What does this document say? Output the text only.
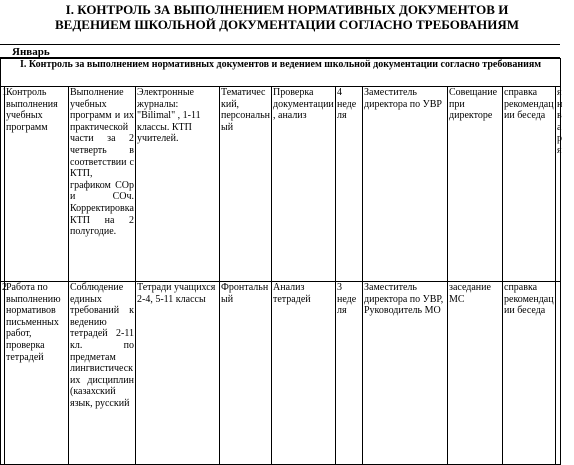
I. КОНТРОЛЬ ЗА ВЫПОЛНЕНИЕМ НОРМАТИВНЫХ ДОКУМЕНТОВ И
ВЕДЕНИЕМ ШКОЛЬНОЙ ДОКУМЕНТАЦИИ СОГЛАСНО ТРЕБОВАНИЯМ
Январь
I. Контроль за выполнением нормативных документов и ведением школьной документации согласно требованиям										
1	Контроль выполнения учебных программ	Выполнение учебных программ и их практической части за 2 четверть в соответствии с КТП, графиком СОр и СОч. Корректировка КТП на 2 полугодие.	Электронные журналы: "Bilimal" , 1-11 классы. КТП учителей.	Тематический, персональный	Проверка документации, анализ	4 неделя	Заместитель директора по УВР	Совещание при директоре	справка рекомендации беседа	января
2	Работа по выполнению нормативов письменных работ, проверка тетрадей	Соблюдение единых требований к ведению тетрадей 2-11 кл. по предметам лингвистических дисциплин (казахский язык, русский	Тетради учащихся 2-4, 5-11 классы	Фронтальный	Анализ тетрадей	3 неделя	Заместитель директора по УВР, Руководитель МО	заседание МС	справка рекомендации беседа	
